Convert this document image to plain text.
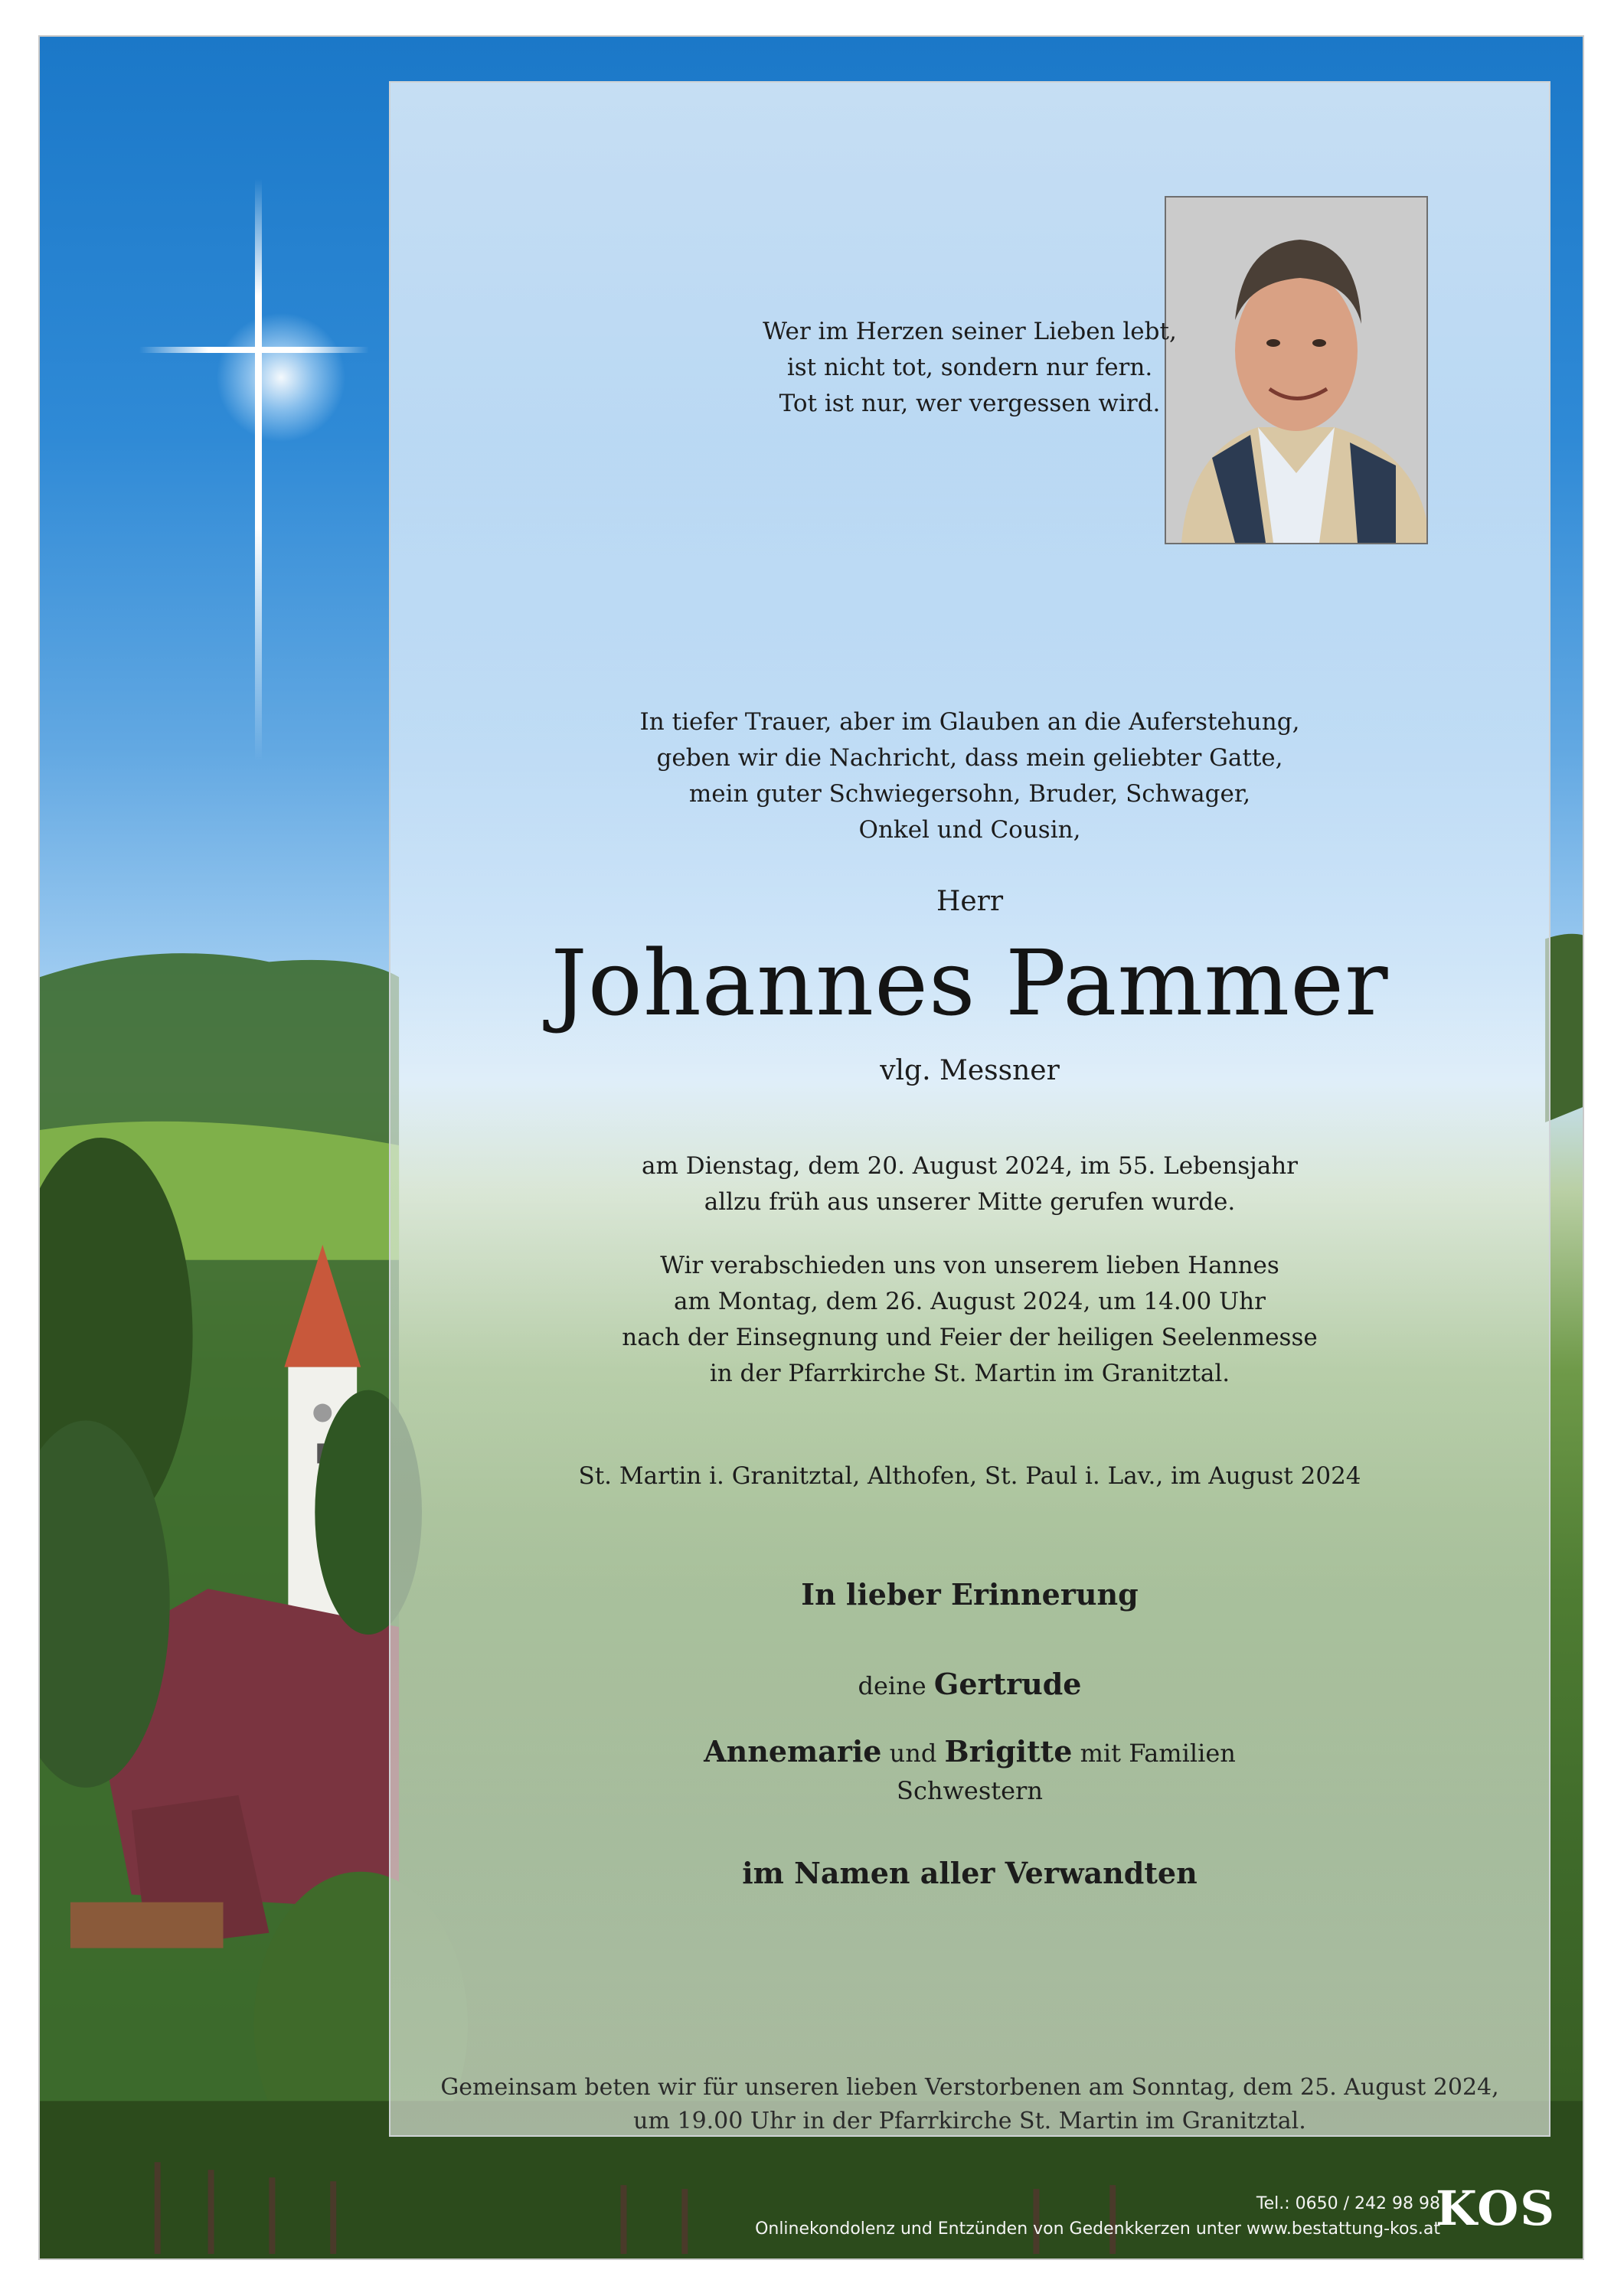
Wer im Herzen seiner Lieben lebt,
ist nicht tot, sondern nur fern.
Tot ist nur, wer vergessen wird.
In tiefer Trauer, aber im Glauben an die Auferstehung,
geben wir die Nachricht, dass mein geliebter Gatte,
mein guter Schwiegersohn, Bruder, Schwager,
Onkel und Cousin,
Herr
Johannes Pammer
vlg. Messner
am Dienstag, dem 20. August 2024, im 55. Lebensjahr
allzu früh aus unserer Mitte gerufen wurde.
Wir verabschieden uns von unserem lieben Hannes
am Montag, dem 26. August 2024, um 14.00 Uhr
nach der Einsegnung und Feier der heiligen Seelenmesse
in der Pfarrkirche St. Martin im Granitztal.
St. Martin i. Granitztal, Althofen, St. Paul i. Lav., im August 2024
In lieber Erinnerung
deine Gertrude
Annemarie und Brigitte mit Familien
Schwestern
im Namen aller Verwandten
Gemeinsam beten wir für unseren lieben Verstorbenen am Sonntag, dem 25. August 2024,
um 19.00 Uhr in der Pfarrkirche St. Martin im Granitztal.
Tel.: 0650 / 242 98 98
Onlinekondolenz und Entzünden von Gedenkkerzen unter www.bestattung-kos.at
KOS
